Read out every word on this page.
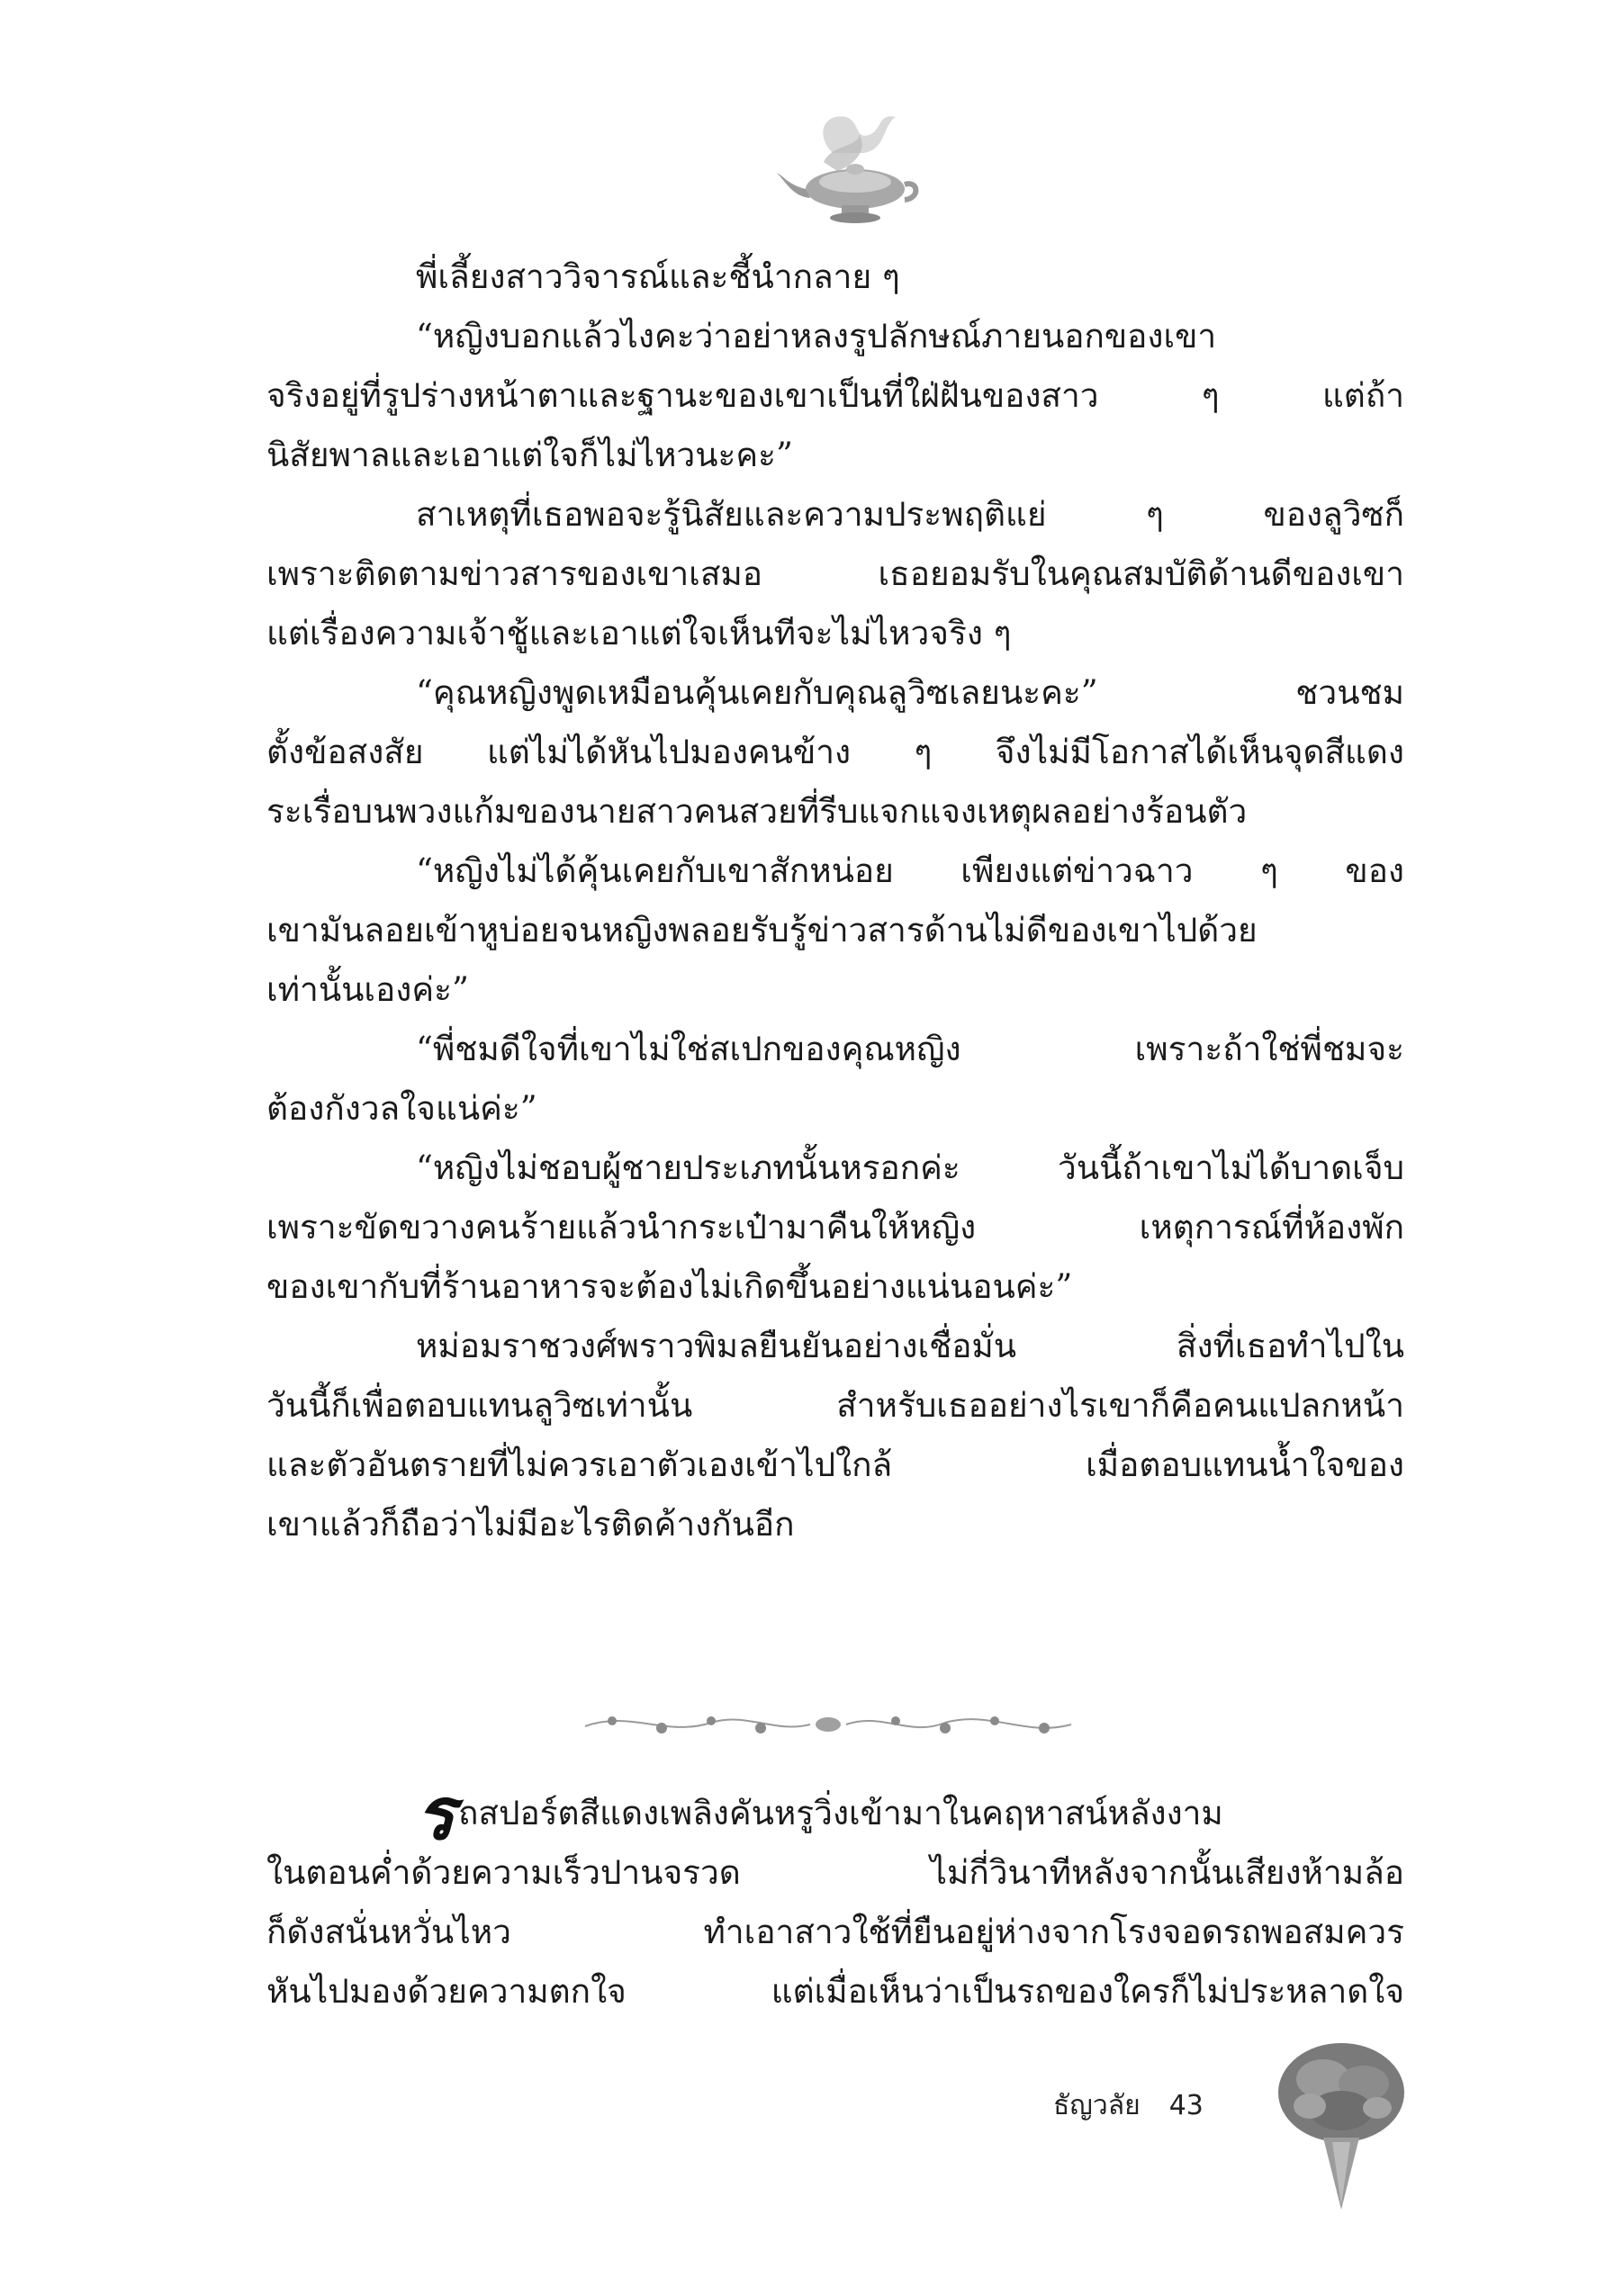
พี่เลี้ยงสาววิจารณ์และชี้นำกลาย ๆ
“หญิงบอกแล้วไงคะว่าอย่าหลงรูปลักษณ์ภายนอกของเขา
จริงอยู่ที่รูปร่างหน้าตาและฐานะของเขาเป็นที่ใฝ่ฝันของสาว ๆ แต่ถ้า
นิสัยพาลและเอาแต่ใจก็ไม่ไหวนะคะ”
สาเหตุที่เธอพอจะรู้นิสัยและความประพฤติแย่ ๆ ของลูวิซก็
เพราะติดตามข่าวสารของเขาเสมอ เธอยอมรับในคุณสมบัติด้านดีของเขา
แต่เรื่องความเจ้าชู้และเอาแต่ใจเห็นทีจะไม่ไหวจริง ๆ
“คุณหญิงพูดเหมือนคุ้นเคยกับคุณลูวิซเลยนะคะ” ชวนชม
ตั้งข้อสงสัย แต่ไม่ได้หันไปมองคนข้าง ๆ จึงไม่มีโอกาสได้เห็นจุดสีแดง
ระเรื่อบนพวงแก้มของนายสาวคนสวยที่รีบแจกแจงเหตุผลอย่างร้อนตัว
“หญิงไม่ได้คุ้นเคยกับเขาสักหน่อย เพียงแต่ข่าวฉาว ๆ ของ
เขามันลอยเข้าหูบ่อยจนหญิงพลอยรับรู้ข่าวสารด้านไม่ดีของเขาไปด้วย
เท่านั้นเองค่ะ”
“พี่ชมดีใจที่เขาไม่ใช่สเปกของคุณหญิง เพราะถ้าใช่พี่ชมจะ
ต้องกังวลใจแน่ค่ะ”
“หญิงไม่ชอบผู้ชายประเภทนั้นหรอกค่ะ วันนี้ถ้าเขาไม่ได้บาดเจ็บ
เพราะขัดขวางคนร้ายแล้วนำกระเป๋ามาคืนให้หญิง เหตุการณ์ที่ห้องพัก
ของเขากับที่ร้านอาหารจะต้องไม่เกิดขึ้นอย่างแน่นอนค่ะ”
หม่อมราชวงศ์พราวพิมลยืนยันอย่างเชื่อมั่น สิ่งที่เธอทำไปใน
วันนี้ก็เพื่อตอบแทนลูวิซเท่านั้น สำหรับเธออย่างไรเขาก็คือคนแปลกหน้า
และตัวอันตรายที่ไม่ควรเอาตัวเองเข้าไปใกล้ เมื่อตอบแทนน้ำใจของ
เขาแล้วก็ถือว่าไม่มีอะไรติดค้างกันอีก
รถสปอร์ตสีแดงเพลิงคันหรูวิ่งเข้ามาในคฤหาสน์หลังงาม
ในตอนค่ำด้วยความเร็วปานจรวด ไม่กี่วินาทีหลังจากนั้นเสียงห้ามล้อ
ก็ดังสนั่นหวั่นไหว ทำเอาสาวใช้ที่ยืนอยู่ห่างจากโรงจอดรถพอสมควร
หันไปมองด้วยความตกใจ แต่เมื่อเห็นว่าเป็นรถของใครก็ไม่ประหลาดใจ
ธัญวลัย 43
